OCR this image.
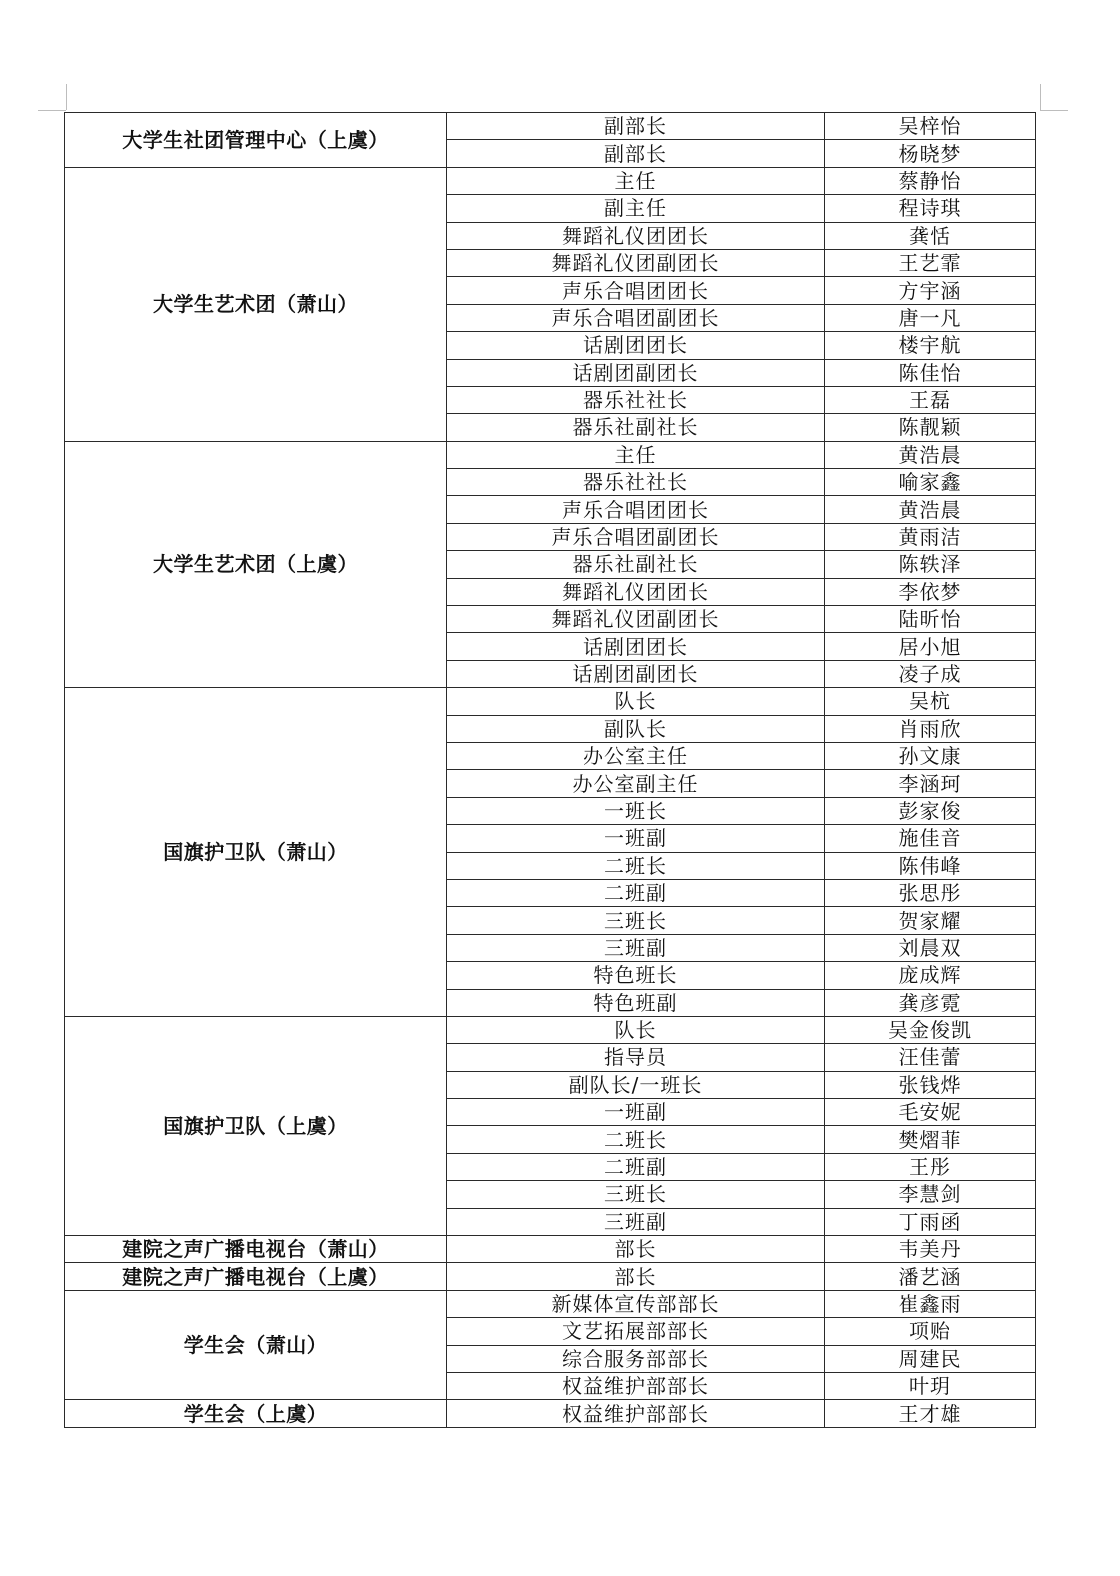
大学生社团管理中心（上虞）	副部长	吴梓怡
	副部长	杨晓梦
大学生艺术团（萧山）	主任	蔡静怡
	副主任	程诗琪
	舞蹈礼仪团团长	龚恬
	舞蹈礼仪团副团长	王艺霏
	声乐合唱团团长	方宇涵
	声乐合唱团副团长	唐一凡
	话剧团团长	楼宇航
	话剧团副团长	陈佳怡
	器乐社社长	王磊
	器乐社副社长	陈靓颖
大学生艺术团（上虞）	主任	黄浩晨
	器乐社社长	喻家鑫
	声乐合唱团团长	黄浩晨
	声乐合唱团副团长	黄雨洁
	器乐社副社长	陈轶泽
	舞蹈礼仪团团长	李依梦
	舞蹈礼仪团副团长	陆昕怡
	话剧团团长	居小旭
	话剧团副团长	凌子成
国旗护卫队（萧山）	队长	吴杭
	副队长	肖雨欣
	办公室主任	孙文康
	办公室副主任	李涵珂
	一班长	彭家俊
	一班副	施佳音
	二班长	陈伟峰
	二班副	张思彤
	三班长	贺家耀
	三班副	刘晨双
	特色班长	庞成辉
	特色班副	龚彦霓
国旗护卫队（上虞）	队长	吴金俊凯
	指导员	汪佳蕾
	副队长/一班长	张钱烨
	一班副	毛安妮
	二班长	樊熠菲
	二班副	王彤
	三班长	李慧剑
	三班副	丁雨函
建院之声广播电视台（萧山）	部长	韦美丹
建院之声广播电视台（上虞）	部长	潘艺涵
学生会（萧山）	新媒体宣传部部长	崔鑫雨
	文艺拓展部部长	项贻
	综合服务部部长	周建民
	权益维护部部长	叶玥
学生会（上虞）	权益维护部部长	王才雄
